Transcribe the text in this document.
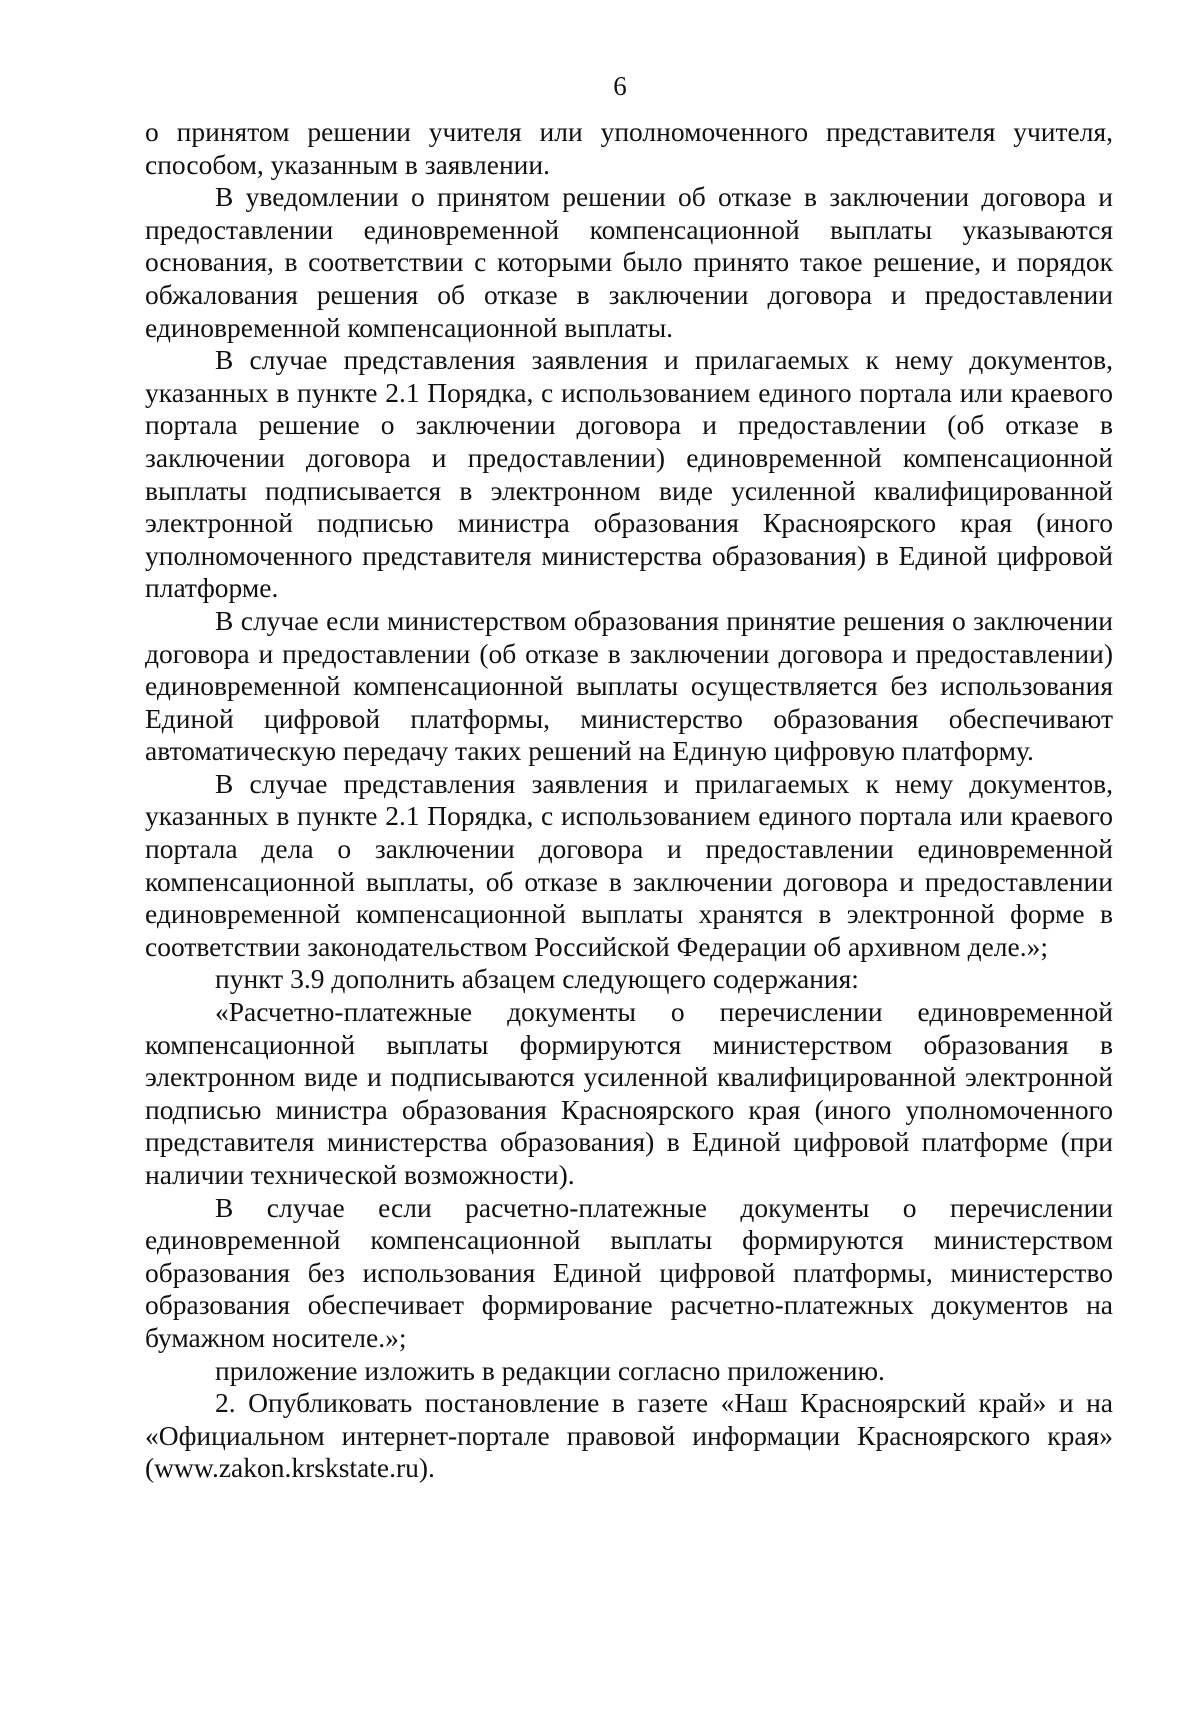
6

о принятом решении учителя или уполномоченного представителя учителя, способом, указанным в заявлении.

В уведомлении о принятом решении об отказе в заключении договора и предоставлении единовременной компенсационной выплаты указываются основания, в соответствии с которыми было принято такое решение, и порядок обжалования решения об отказе в заключении договора и предоставлении единовременной компенсационной выплаты.

В случае представления заявления и прилагаемых к нему документов, указанных в пункте 2.1 Порядка, с использованием единого портала или краевого портала решение о заключении договора и предоставлении (об отказе в заключении договора и предоставлении) единовременной компенсационной выплаты подписывается в электронном виде усиленной квалифицированной электронной подписью министра образования Красноярского края (иного уполномоченного представителя министерства образования) в Единой цифровой платформе.

В случае если министерством образования принятие решения о заключении договора и предоставлении (об отказе в заключении договора и предоставлении) единовременной компенсационной выплаты осуществляется без использования Единой цифровой платформы, министерство образования обеспечивают автоматическую передачу таких решений на Единую цифровую платформу.

В случае представления заявления и прилагаемых к нему документов, указанных в пункте 2.1 Порядка, с использованием единого портала или краевого портала дела о заключении договора и предоставлении единовременной компенсационной выплаты, об отказе в заключении договора и предоставлении единовременной компенсационной выплаты хранятся в электронной форме в соответствии законодательством Российской Федерации об архивном деле.»;

пункт 3.9 дополнить абзацем следующего содержания:

«Расчетно-платежные документы о перечислении единовременной компенсационной выплаты формируются министерством образования в электронном виде и подписываются усиленной квалифицированной электронной подписью министра образования Красноярского края (иного уполномоченного представителя министерства образования) в Единой цифровой платформе (при наличии технической возможности).

В случае если расчетно-платежные документы о перечислении единовременной компенсационной выплаты формируются министерством образования без использования Единой цифровой платформы, министерство образования обеспечивает формирование расчетно-платежных документов на бумажном носителе.»;

приложение изложить в редакции согласно приложению.

2. Опубликовать постановление в газете «Наш Красноярский край» и на «Официальном интернет-портале правовой информации Красноярского края» (www.zakon.krskstate.ru).
